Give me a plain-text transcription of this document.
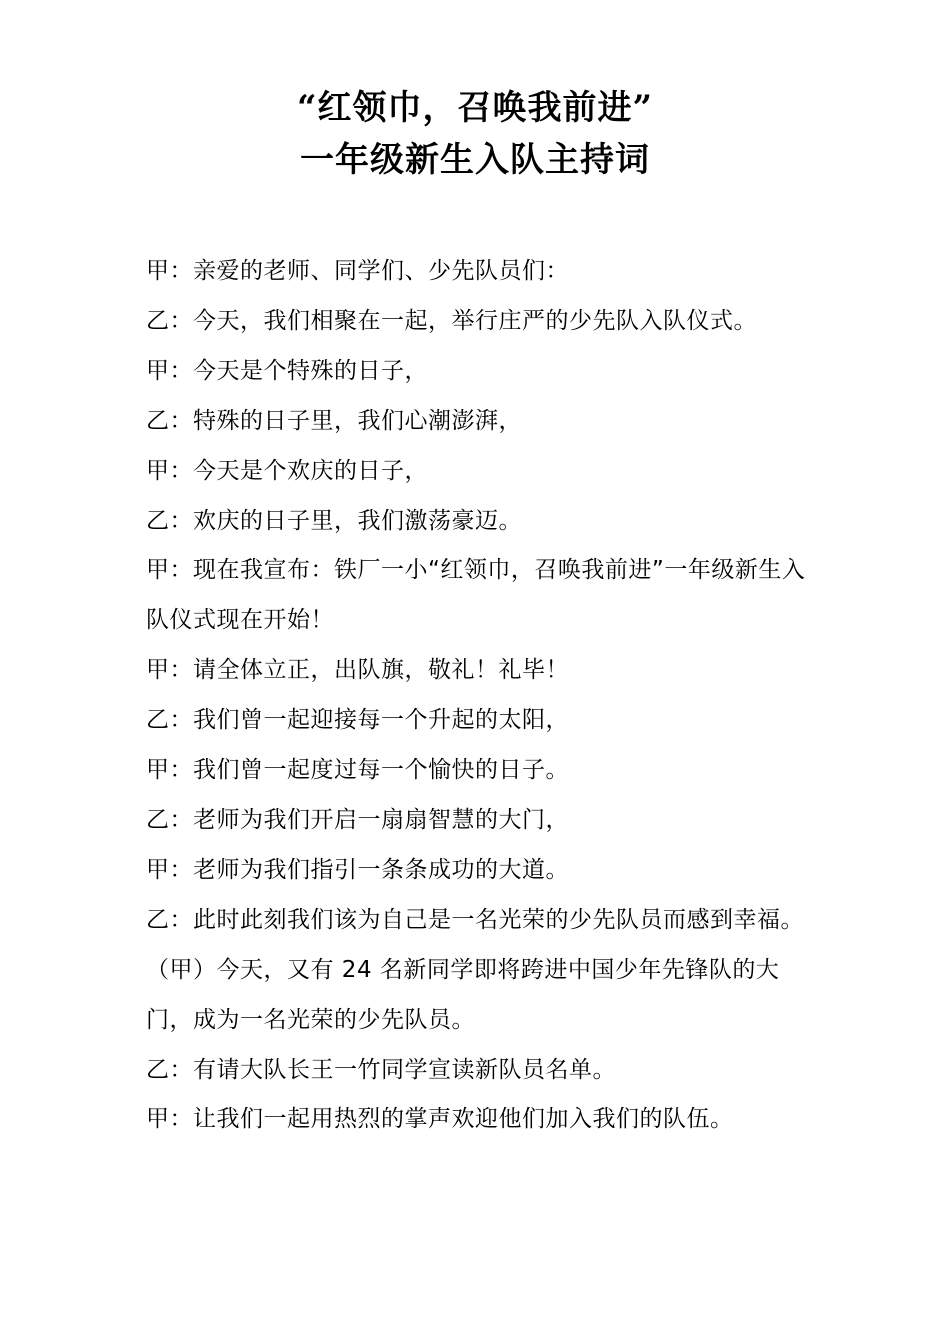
“红领巾，召唤我前进”
一年级新生入队主持词

甲：亲爱的老师、同学们、少先队员们：

乙：今天，我们相聚在一起，举行庄严的少先队入队仪式。

甲：今天是个特殊的日子，

乙：特殊的日子里，我们心潮澎湃，

甲：今天是个欢庆的日子，

乙：欢庆的日子里，我们激荡豪迈。

甲：现在我宣布：铁厂一小“红领巾，召唤我前进”一年级新生入队仪式现在开始！

甲：请全体立正，出队旗，敬礼！礼毕！

乙：我们曾一起迎接每一个升起的太阳，

甲：我们曾一起度过每一个愉快的日子。

乙：老师为我们开启一扇扇智慧的大门，

甲：老师为我们指引一条条成功的大道。

乙：此时此刻我们该为自己是一名光荣的少先队员而感到幸福。

（甲）今天，又有 24 名新同学即将跨进中国少年先锋队的大门，成为一名光荣的少先队员。

乙：有请大队长王一竹同学宣读新队员名单。

甲：让我们一起用热烈的掌声欢迎他们加入我们的队伍。
